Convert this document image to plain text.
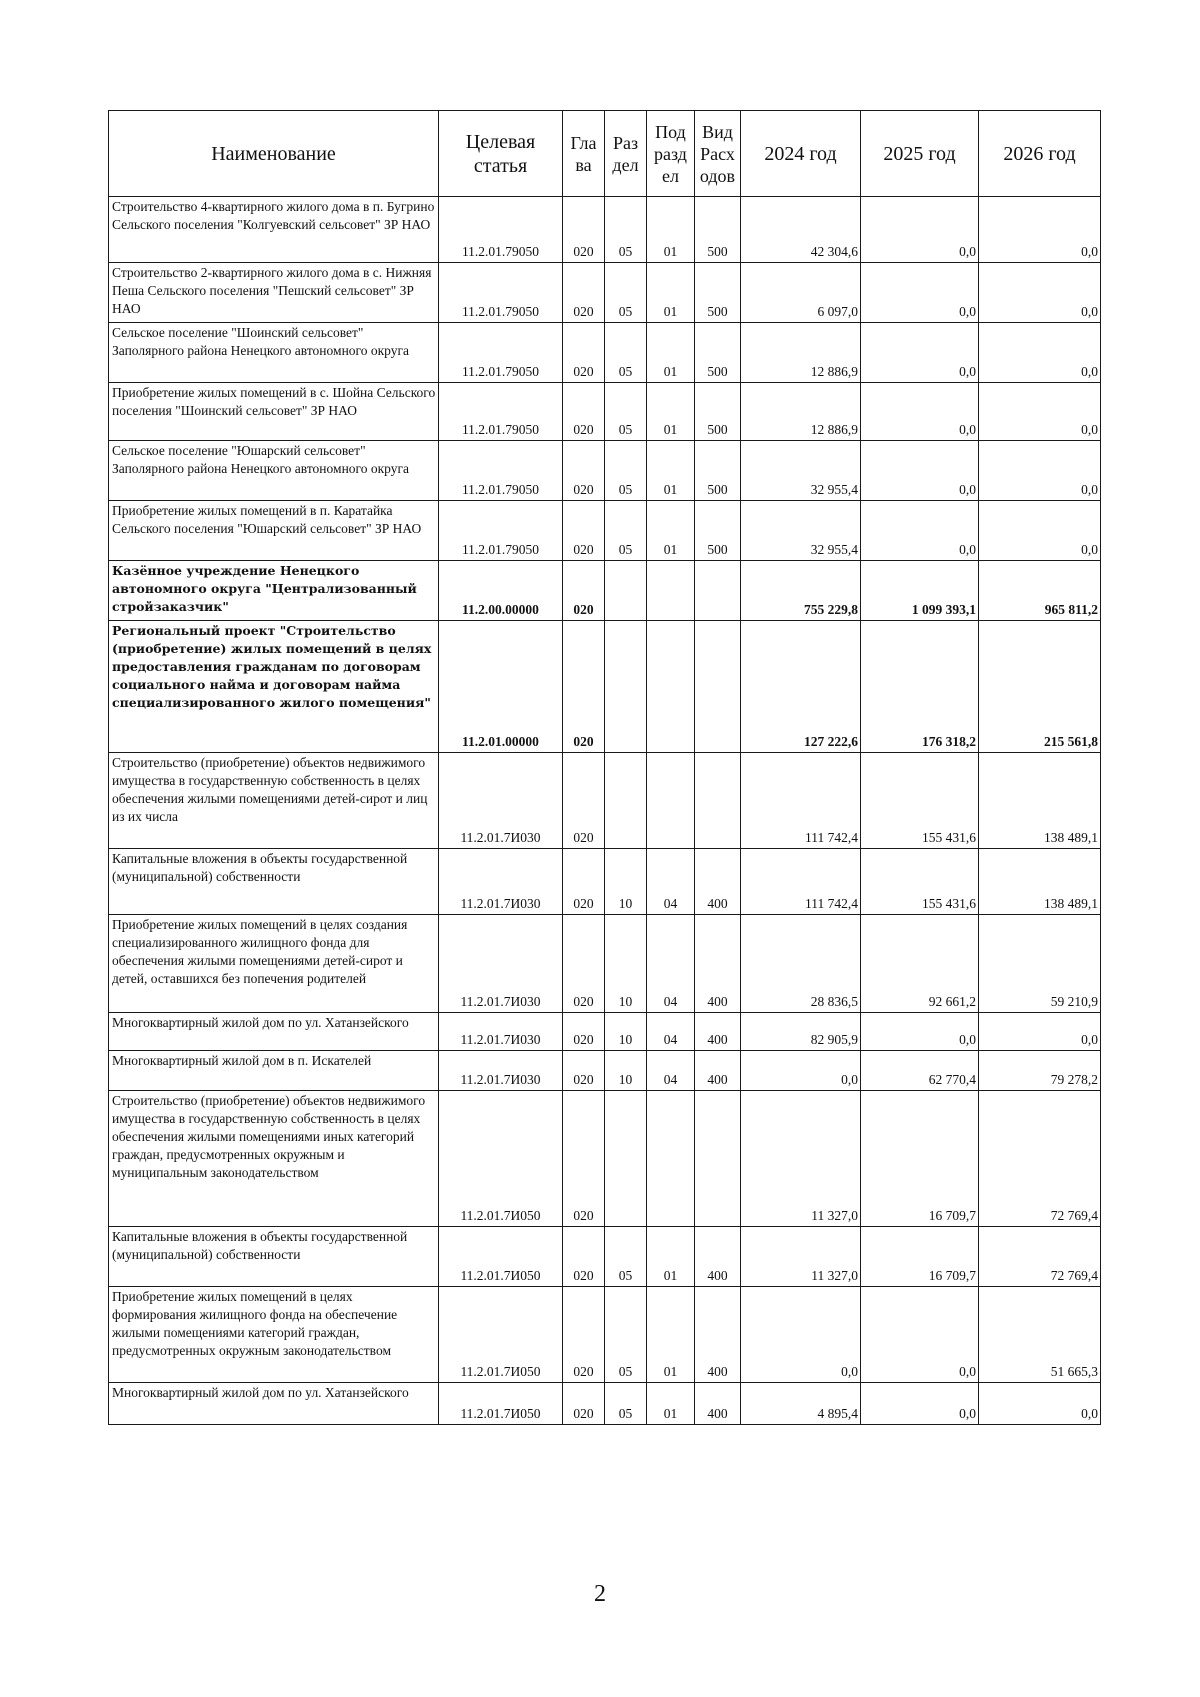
Наименование	Целевая статья	Гла ва	Раз дел	Под разд ел	Вид Расх одов	2024 год	2025 год	2026 год
Строительство 4-квартирного жилого дома в п. Бугрино Сельского поселения "Колгуевский сельсовет" ЗР НАО	11.2.01.79050	020	05	01	500	42 304,6	0,0	0,0
Строительство 2-квартирного жилого дома в с. Нижняя Пеша Сельского поселения "Пешский сельсовет" ЗР НАО	11.2.01.79050	020	05	01	500	6 097,0	0,0	0,0
Сельское поселение "Шоинский сельсовет" Заполярного района Ненецкого автономного округа	11.2.01.79050	020	05	01	500	12 886,9	0,0	0,0
Приобретение жилых помещений в с. Шойна Сельского поселения "Шоинский сельсовет" ЗР НАО	11.2.01.79050	020	05	01	500	12 886,9	0,0	0,0
Сельское поселение "Юшарский сельсовет" Заполярного района Ненецкого автономного округа	11.2.01.79050	020	05	01	500	32 955,4	0,0	0,0
Приобретение жилых помещений в п. Каратайка Сельского поселения "Юшарский сельсовет" ЗР НАО	11.2.01.79050	020	05	01	500	32 955,4	0,0	0,0
Казённое учреждение Ненецкого автономного округа "Централизованный стройзаказчик"	11.2.00.00000	020				755 229,8	1 099 393,1	965 811,2
Региональный проект "Строительство (приобретение) жилых помещений в целях предоставления гражданам по договорам социального найма и договорам найма специализированного жилого помещения"	11.2.01.00000	020				127 222,6	176 318,2	215 561,8
Строительство (приобретение) объектов недвижимого имущества в государственную собственность в целях обеспечения жилыми помещениями детей-сирот и лиц из их числа	11.2.01.7И030	020				111 742,4	155 431,6	138 489,1
Капитальные вложения в объекты государственной (муниципальной) собственности	11.2.01.7И030	020	10	04	400	111 742,4	155 431,6	138 489,1
Приобретение жилых помещений в целях создания специализированного жилищного фонда для обеспечения жилыми помещениями детей-сирот и детей, оставшихся без попечения родителей	11.2.01.7И030	020	10	04	400	28 836,5	92 661,2	59 210,9
Многоквартирный жилой дом по ул. Хатанзейского	11.2.01.7И030	020	10	04	400	82 905,9	0,0	0,0
Многоквартирный жилой дом в п. Искателей	11.2.01.7И030	020	10	04	400	0,0	62 770,4	79 278,2
Строительство (приобретение) объектов недвижимого имущества в государственную собственность в целях обеспечения жилыми помещениями иных категорий граждан, предусмотренных окружным и муниципальным законодательством	11.2.01.7И050	020				11 327,0	16 709,7	72 769,4
Капитальные вложения в объекты государственной (муниципальной) собственности	11.2.01.7И050	020	05	01	400	11 327,0	16 709,7	72 769,4
Приобретение жилых помещений в целях формирования жилищного фонда на обеспечение жилыми помещениями категорий граждан, предусмотренных окружным законодательством	11.2.01.7И050	020	05	01	400	0,0	0,0	51 665,3
Многоквартирный жилой дом по ул. Хатанзейского	11.2.01.7И050	020	05	01	400	4 895,4	0,0	0,0
2
